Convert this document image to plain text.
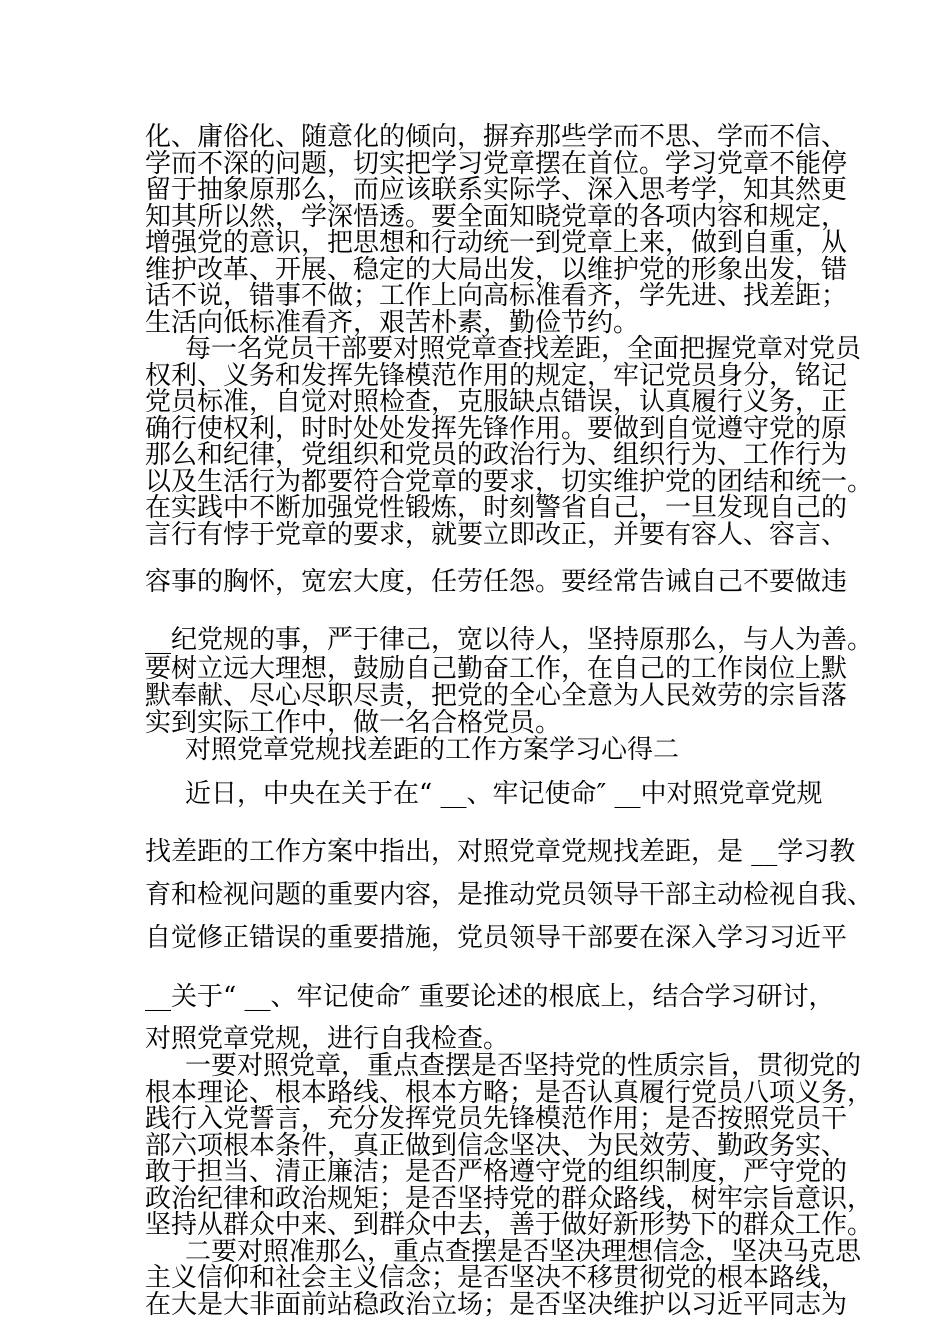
化、庸俗化、随意化的倾向，摒弃那些学而不思、学而不信、

学而不深的问题，切实把学习党章摆在首位。学习党章不能停

留于抽象原那么，而应该联系实际学、深入思考学，知其然更

知其所以然，学深悟透。要全面知晓党章的各项内容和规定，

增强党的意识，把思想和行动统一到党章上来，做到自重，从

维护改革、开展、稳定的大局出发，以维护党的形象出发，错

话不说，错事不做；工作上向高标准看齐，学先进、找差距；

生活向低标准看齐，艰苦朴素，勤俭节约。

每一名党员干部要对照党章查找差距，全面把握党章对党员

权利、义务和发挥先锋模范作用的规定，牢记党员身分，铭记

党员标准，自觉对照检查，克服缺点错误，认真履行义务，正

确行使权利，时时处处发挥先锋作用。要做到自觉遵守党的原

那么和纪律，党组织和党员的政治行为、组织行为、工作行为

以及生活行为都要符合党章的要求，切实维护党的团结和统一。

在实践中不断加强党性锻炼，时刻警省自己，一旦发现自己的

言行有悖于党章的要求，就要立即改正，并要有容人、容言、

容事的胸怀，宽宏大度，任劳任怨。要经常告诫自己不要做违

__纪党规的事，严于律己，宽以待人，坚持原那么，与人为善。

要树立远大理想，鼓励自己勤奋工作，在自己的工作岗位上默

默奉献、尽心尽职尽责，把党的全心全意为人民效劳的宗旨落

实到实际工作中，做一名合格党员。

对照党章党规找差距的工作方案学习心得二

近日，中央在关于在“ __、牢记使命″ __中对照党章党规

找差距的工作方案中指出，对照党章党规找差距，是 __学习教

育和检视问题的重要内容，是推动党员领导干部主动检视自我、

自觉修正错误的重要措施，党员领导干部要在深入学习习近平

__关于“ __、牢记使命″ 重要论述的根底上，结合学习研讨，

对照党章党规，进行自我检查。

一要对照党章，重点查摆是否坚持党的性质宗旨，贯彻党的

根本理论、根本路线、根本方略；是否认真履行党员八项义务，

践行入党誓言，充分发挥党员先锋模范作用；是否按照党员干

部六项根本条件，真正做到信念坚决、为民效劳、勤政务实、

敢于担当、清正廉洁；是否严格遵守党的组织制度，严守党的

政治纪律和政治规矩；是否坚持党的群众路线，树牢宗旨意识，

坚持从群众中来、到群众中去，善于做好新形势下的群众工作。

二要对照准那么，重点查摆是否坚决理想信念，坚决马克思

主义信仰和社会主义信念；是否坚决不移贯彻党的根本路线，

在大是大非面前站稳政治立场；是否坚决维护以习近平同志为
